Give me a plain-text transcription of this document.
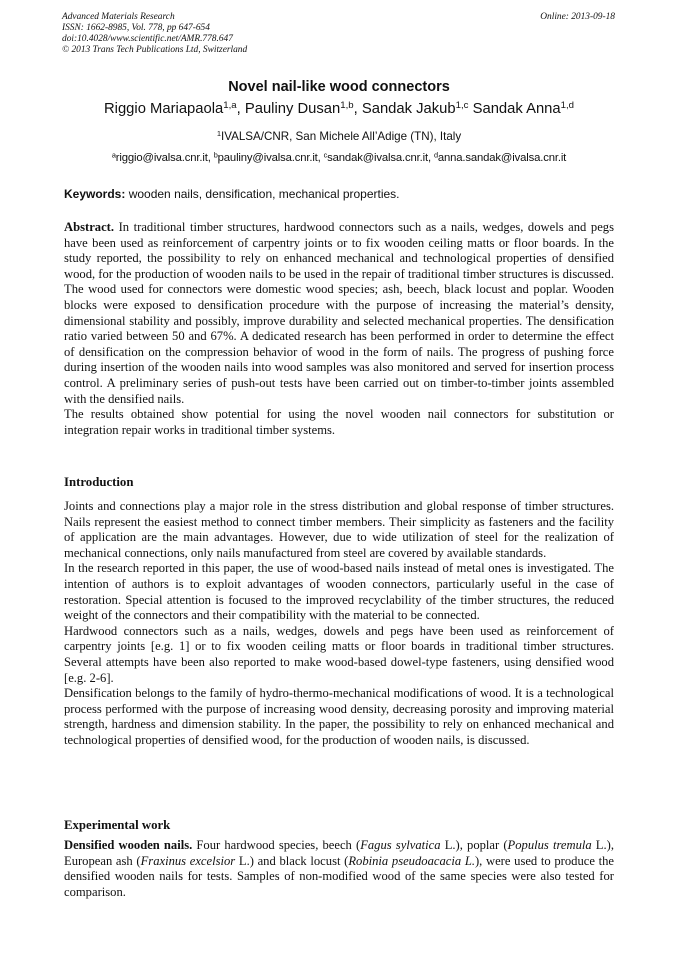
Advanced Materials Research
ISSN: 1662-8985, Vol. 778, pp 647-654
doi:10.4028/www.scientific.net/AMR.778.647
© 2013 Trans Tech Publications Ltd, Switzerland
Online: 2013-09-18
Novel nail-like wood connectors
Riggio Mariapaola$^{1,a}$, Pauliny Dusan$^{1,b}$, Sandak Jakub$^{1,c}$ Sandak Anna$^{1,d}$
$^1$IVALSA/CNR, San Michele All’Adige (TN), Italy
$^a$riggio@ivalsa.cnr.it, $^b$pauliny@ivalsa.cnr.it, $^c$sandak@ivalsa.cnr.it, $^d$anna.sandak@ivalsa.cnr.it
Keywords: wooden nails, densification, mechanical properties.

Abstract. In traditional timber structures, hardwood connectors such as a nails, wedges, dowels and pegs have been used as reinforcement of carpentry joints or to fix wooden ceiling matts or floor boards. In the study reported, the possibility to rely on enhanced mechanical and technological properties of densified wood, for the production of wooden nails to be used in the repair of traditional timber structures is discussed. The wood used for connectors were domestic wood species; ash, beech, black locust and poplar. Wooden blocks were exposed to densification procedure with the purpose of increasing the material’s density, dimensional stability and possibly, improve durability and selected mechanical properties. The densification ratio varied between 50 and 67%. A dedicated research has been performed in order to determine the effect of densification on the compression behavior of wood in the form of nails. The progress of pushing force during insertion of the wooden nails into wood samples was also monitored and served for insertion process control. A preliminary series of push-out tests have been carried out on timber-to-timber joints assembled with the densified nails.

The results obtained show potential for using the novel wooden nail connectors for substitution or integration repair works in traditional timber systems.

Introduction

Joints and connections play a major role in the stress distribution and global response of timber structures. Nails represent the easiest method to connect timber members. Their simplicity as fasteners and the facility of application are the main advantages. However, due to wide utilization of steel for the realization of mechanical connections, only nails manufactured from steel are covered by available standards.

In the research reported in this paper, the use of wood-based nails instead of metal ones is investigated. The intention of authors is to exploit advantages of wooden connectors, particularly useful in the case of restoration. Special attention is focused to the improved recyclability of the timber structures, the reduced weight of the connectors and their compatibility with the material to be connected.

Hardwood connectors such as a nails, wedges, dowels and pegs have been used as reinforcement of carpentry joints [e.g. 1] or to fix wooden ceiling matts or floor boards in traditional timber structures. Several attempts have been also reported to make wood-based dowel-type fasteners, using densified wood [e.g. 2-6].

Densification belongs to the family of hydro-thermo-mechanical modifications of wood. It is a technological process performed with the purpose of increasing wood density, decreasing porosity and improving material strength, hardness and dimension stability. In the paper, the possibility to rely on enhanced mechanical and technological properties of densified wood, for the production of wooden nails, is discussed.

Experimental work

Densified wooden nails. Four hardwood species, beech (Fagus sylvatica L.), poplar (Populus tremula L.), European ash (Fraxinus excelsior L.) and black locust (Robinia pseudoacacia L.), were used to produce the densified wooden nails for tests. Samples of non-modified wood of the same species were also tested for comparison.
